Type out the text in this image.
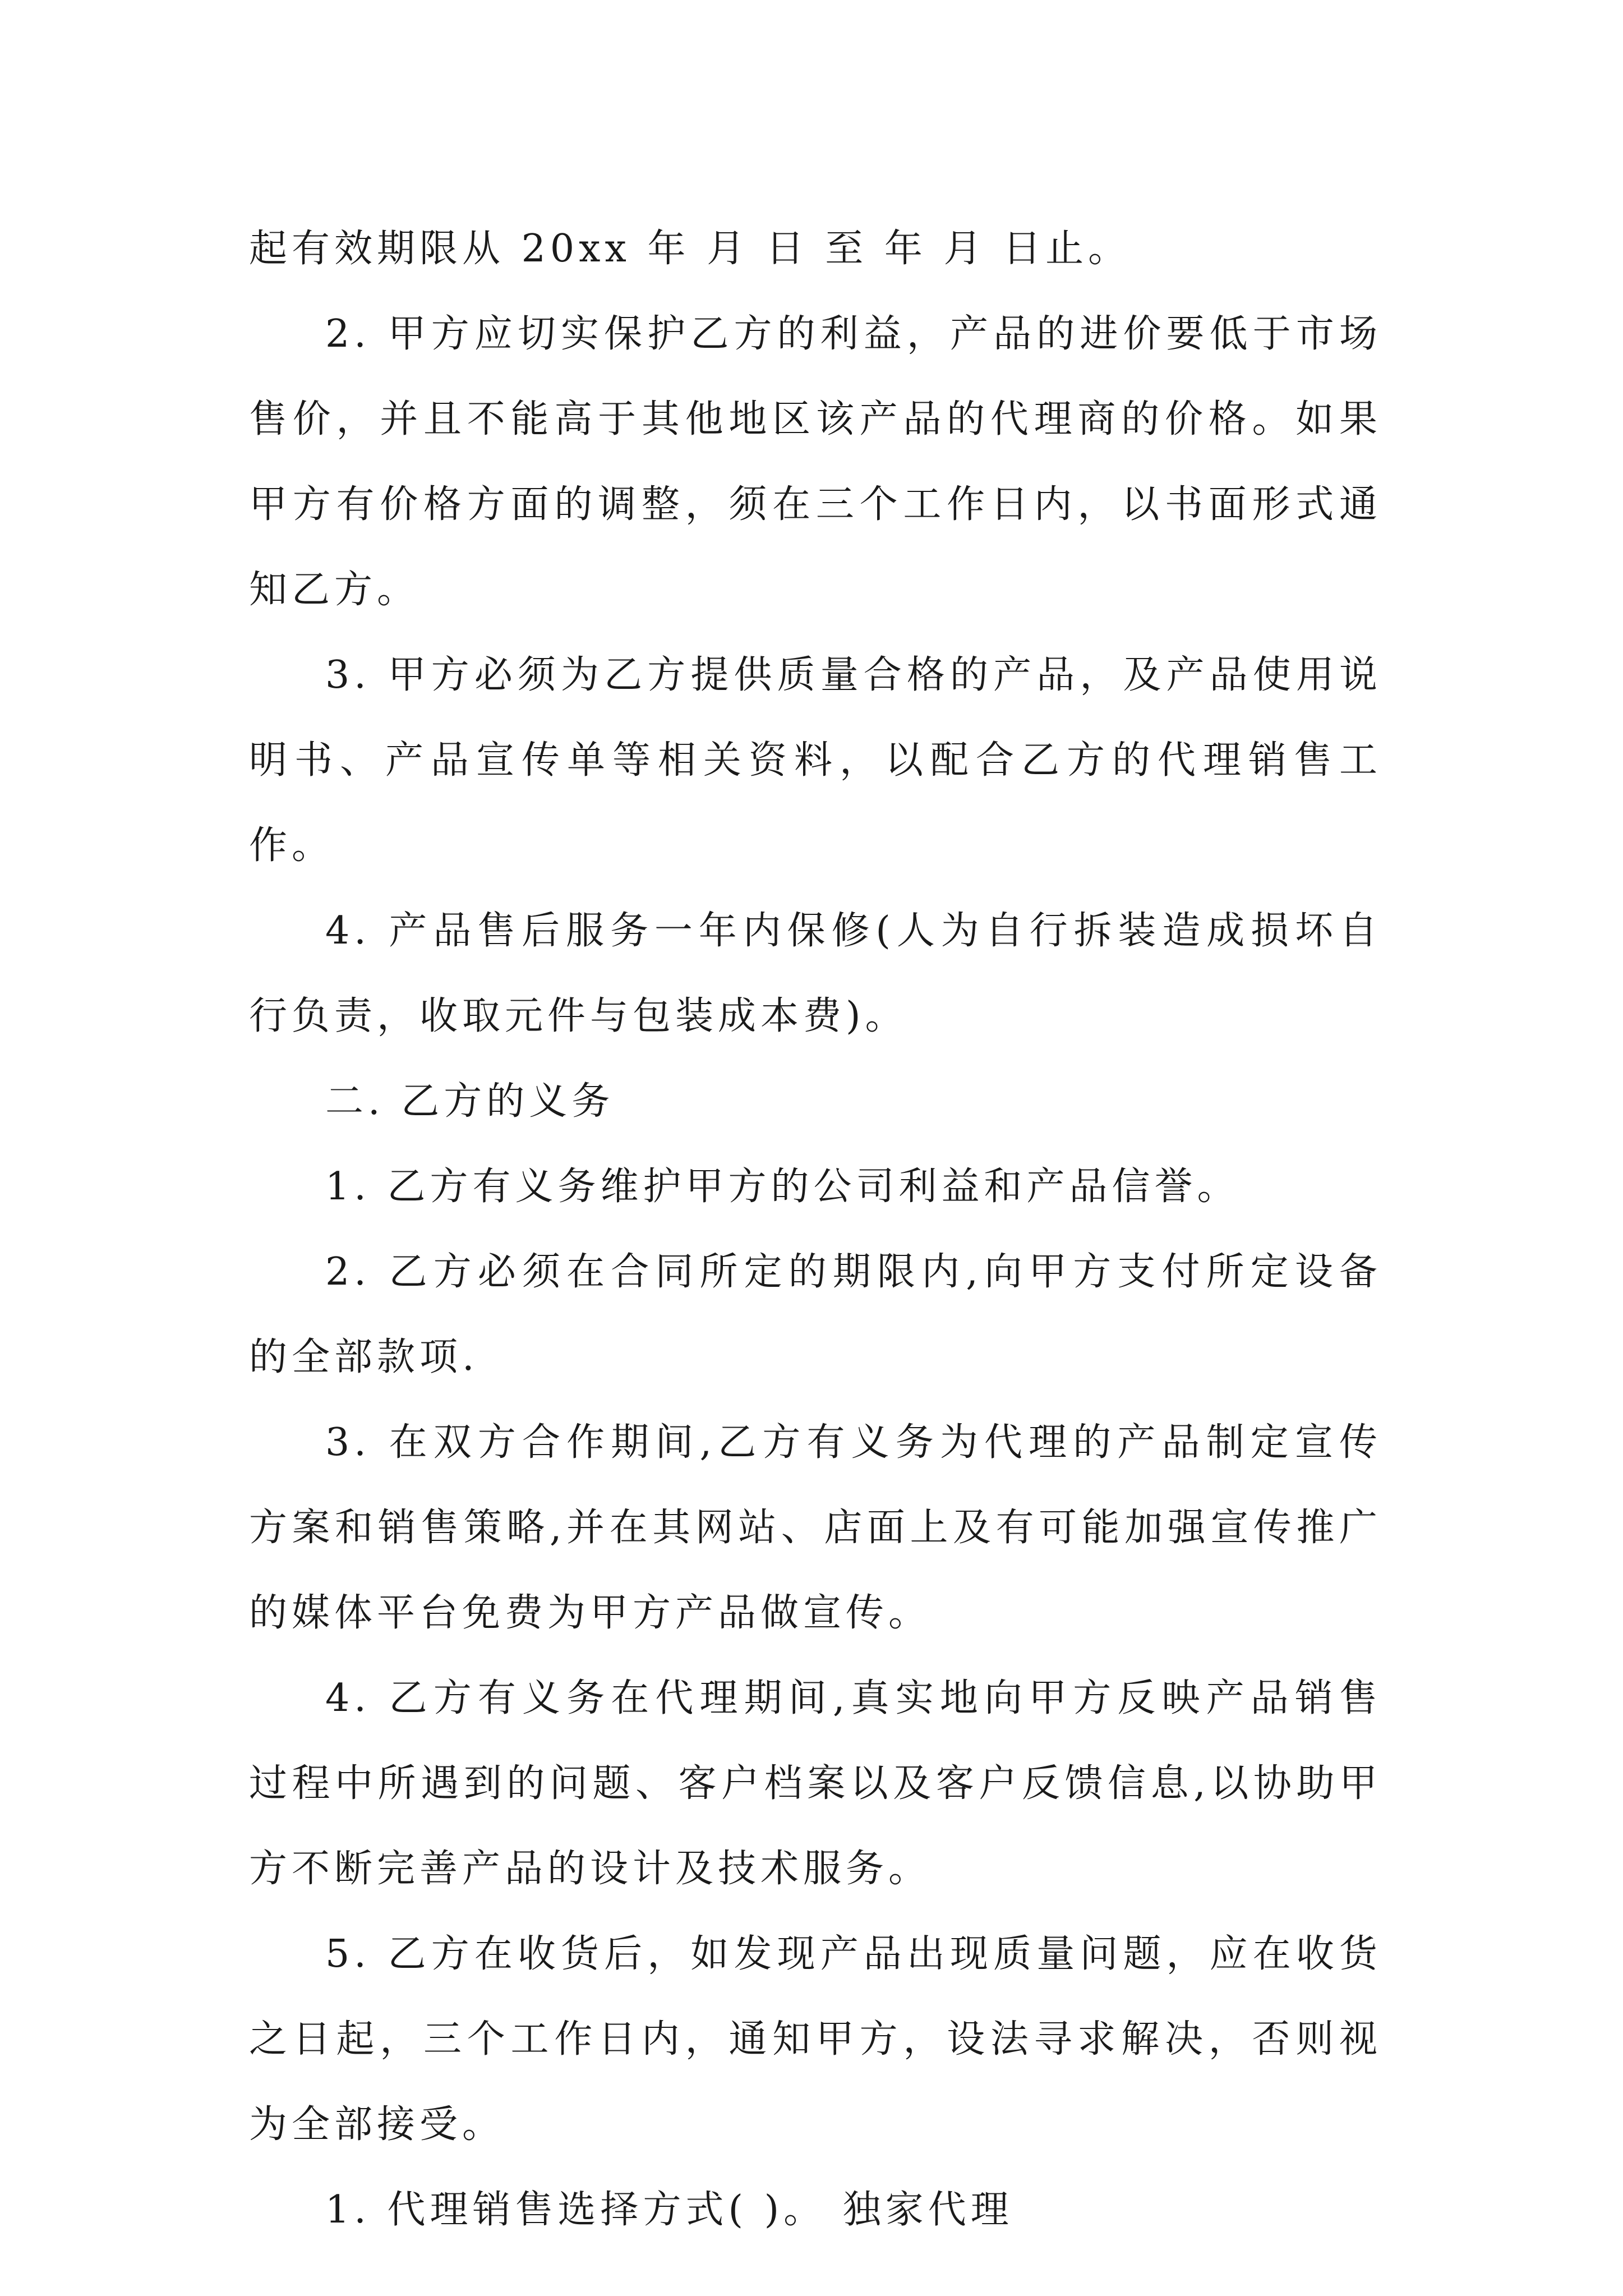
起有效期限从 20xx 年 月 日 至 年 月 日止。

2. 甲方应切实保护乙方的利益，产品的进价要低于市场售价，并且不能高于其他地区该产品的代理商的价格。如果甲方有价格方面的调整，须在三个工作日内，以书面形式通知乙方。

3. 甲方必须为乙方提供质量合格的产品，及产品使用说明书、产品宣传单等相关资料，以配合乙方的代理销售工作。

4. 产品售后服务一年内保修(人为自行拆装造成损坏自行负责，收取元件与包装成本费)。

二. 乙方的义务

1. 乙方有义务维护甲方的公司利益和产品信誉。

2. 乙方必须在合同所定的期限内,向甲方支付所定设备的全部款项.

3. 在双方合作期间,乙方有义务为代理的产品制定宣传方案和销售策略,并在其网站、店面上及有可能加强宣传推广的媒体平台免费为甲方产品做宣传。

4. 乙方有义务在代理期间,真实地向甲方反映产品销售过程中所遇到的问题、客户档案以及客户反馈信息,以协助甲方不断完善产品的设计及技术服务。

5. 乙方在收货后，如发现产品出现质量问题，应在收货之日起，三个工作日内，通知甲方，设法寻求解决，否则视为全部接受。

1. 代理销售选择方式( )。 独家代理
